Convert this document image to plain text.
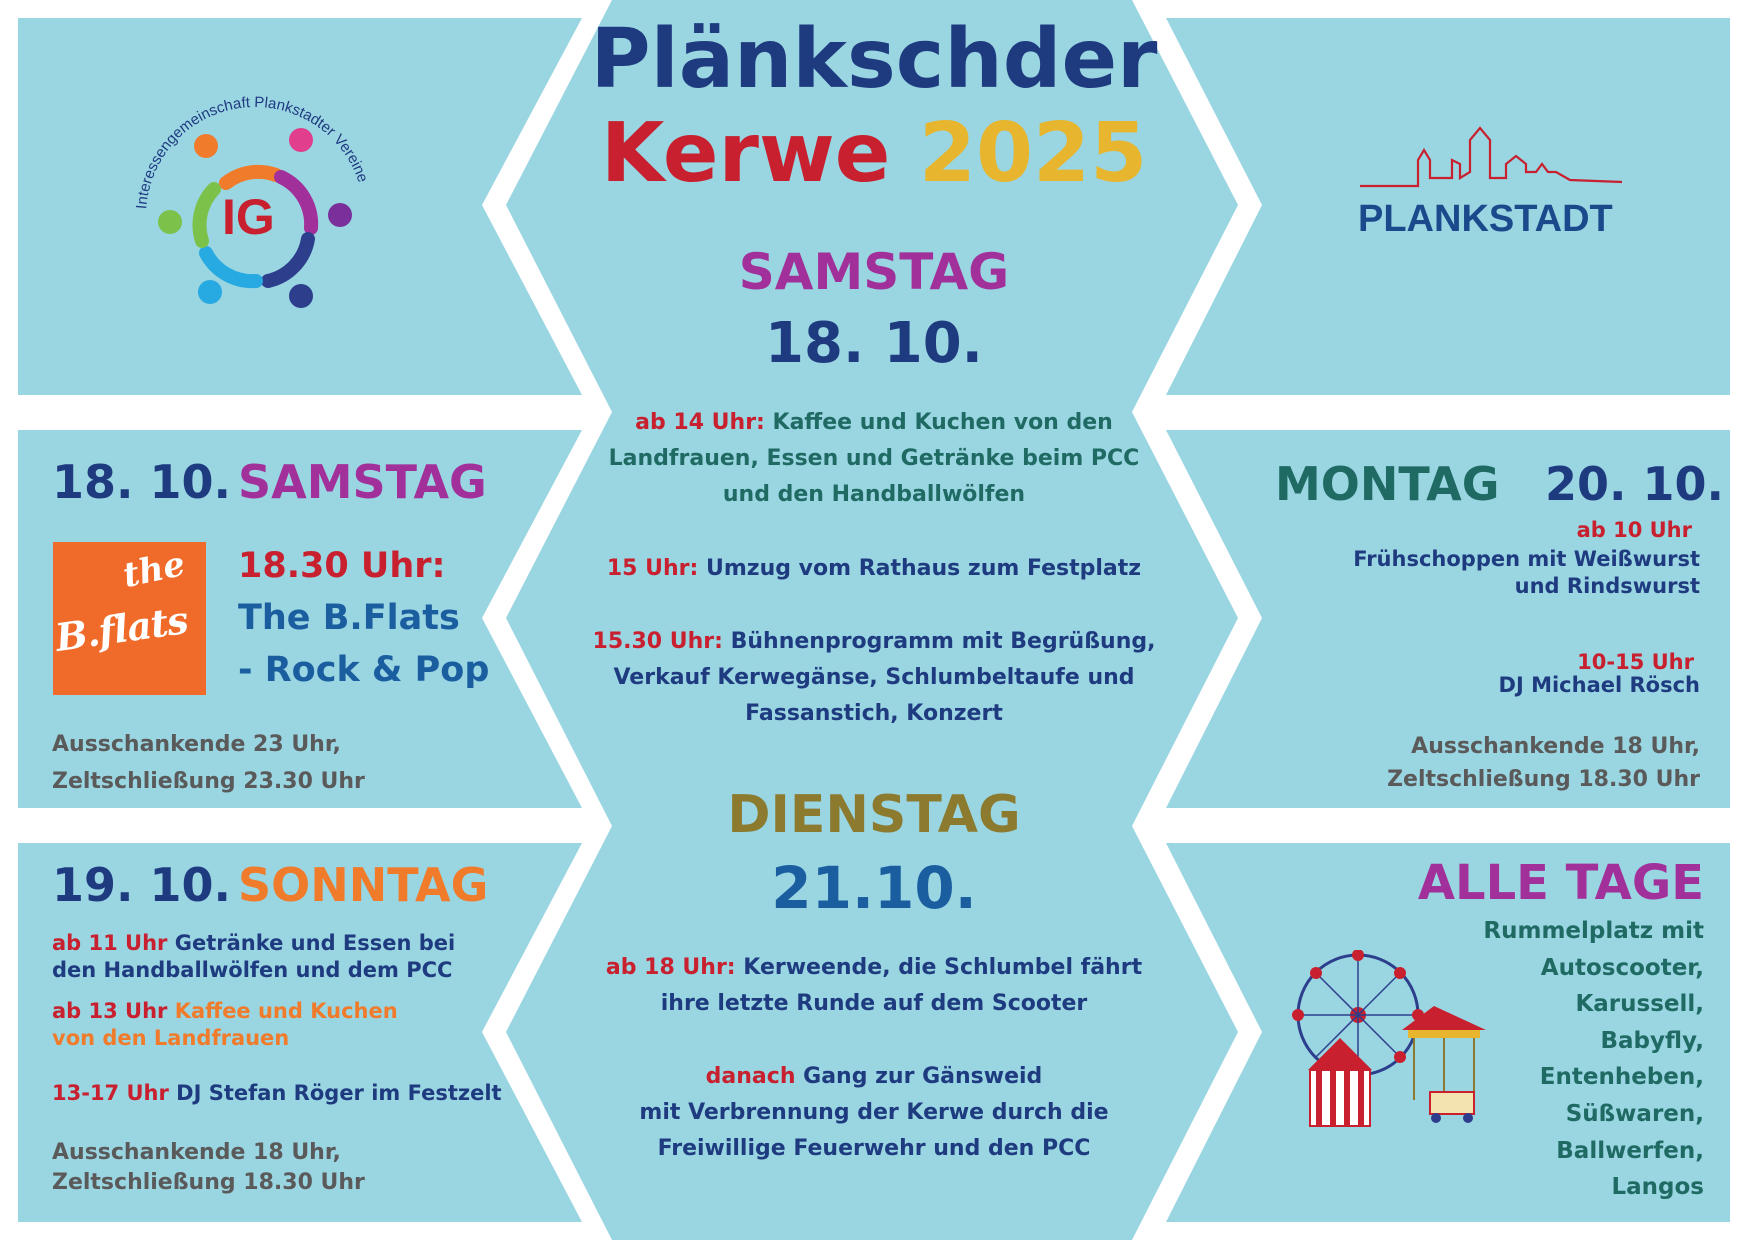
Interessengemeinschaft Plankstadter Vereine
IG	PLANKSTADT
Plänkschder
Kerwe 2025
SAMSTAG
18. 10.
ab 14 Uhr: Kaffee und Kuchen von den
Landfrauen, Essen und Getränke beim PCC
und den Handballwölfen
15 Uhr: Umzug vom Rathaus zum Festplatz
15.30 Uhr: Bühnenprogramm mit Begrüßung,
Verkauf Kerwegänse, Schlumbeltaufe und
Fassanstich, Konzert
DIENSTAG
21.10.
ab 18 Uhr: Kerweende, die Schlumbel fährt
ihre letzte Runde auf dem Scooter
danach Gang zur Gänsweid
mit Verbrennung der Kerwe durch die
Freiwillige Feuerwehr und den PCC
18. 10. SAMSTAG
the
B.flats
18.30 Uhr:
The B.Flats
- Rock & Pop
Ausschankende 23 Uhr,
Zeltschließung 23.30 Uhr
19. 10. SONNTAG
ab 11 Uhr Getränke und Essen bei
den Handballwölfen und dem PCC
ab 13 Uhr Kaffee und Kuchen
von den Landfrauen
13-17 Uhr DJ Stefan Röger im Festzelt
Ausschankende 18 Uhr,
Zeltschließung 18.30 Uhr
MONTAG 20. 10.
ab 10 Uhr
Frühschoppen mit Weißwurst
und Rindswurst
10-15 Uhr
DJ Michael Rösch
Ausschankende 18 Uhr,
Zeltschließung 18.30 Uhr
ALLE TAGE
Rummelplatz mit
Autoscooter,
Karussell,
Babyfly,
Entenheben,
Süßwaren,
Ballwerfen,
Langos
